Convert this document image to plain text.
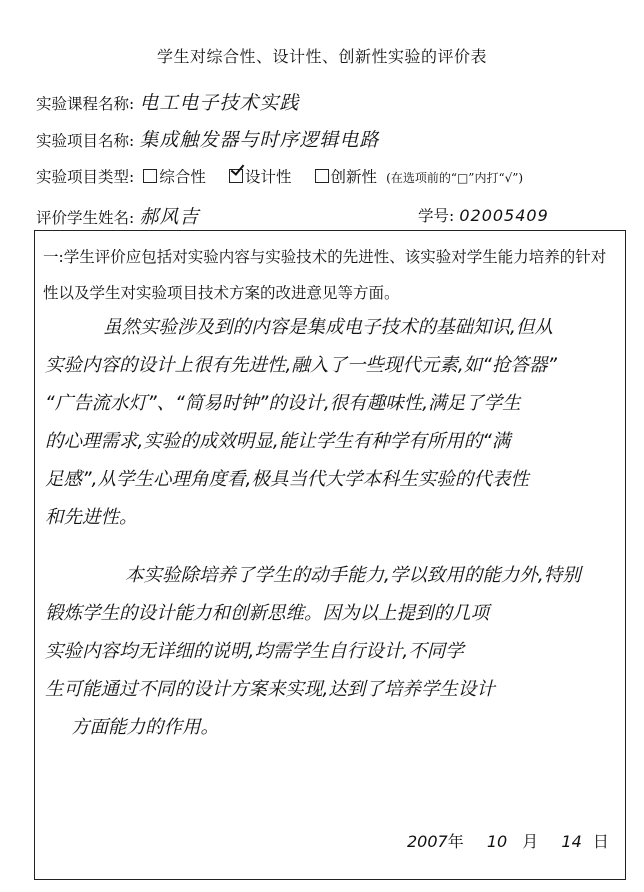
学生对综合性、设计性、创新性实验的评价表
实验课程名称: 电工电子技术实践
实验项目名称: 集成触发器与时序逻辑电路
实验项目类型: 综合性	设计性	创新性 (在选项前的“□”内打“√”)
评价学生姓名: 郝风吉	学号: 02005409
一:学生评价应包括对实验内容与实验技术的先进性、该实验对学生能力培养的针对性以及学生对实验项目技术方案的改进意见等方面。
虽然实验涉及到的内容是集成电子技术的基础知识,但从
实验内容的设计上很有先进性,融入了一些现代元素,如“抢答器”
“广告流水灯”、“简易时钟”的设计,很有趣味性,满足了学生
的心理需求,实验的成效明显,能让学生有种学有所用的“满
足感”,从学生心理角度看,极具当代大学本科生实验的代表性
和先进性。
本实验除培养了学生的动手能力,学以致用的能力外,特别
锻炼学生的设计能力和创新思维。因为以上提到的几项
实验内容均无详细的说明,均需学生自行设计,不同学
生可能通过不同的设计方案来实现,达到了培养学生设计
方面能力的作用。
2007年 10 月 14 日
